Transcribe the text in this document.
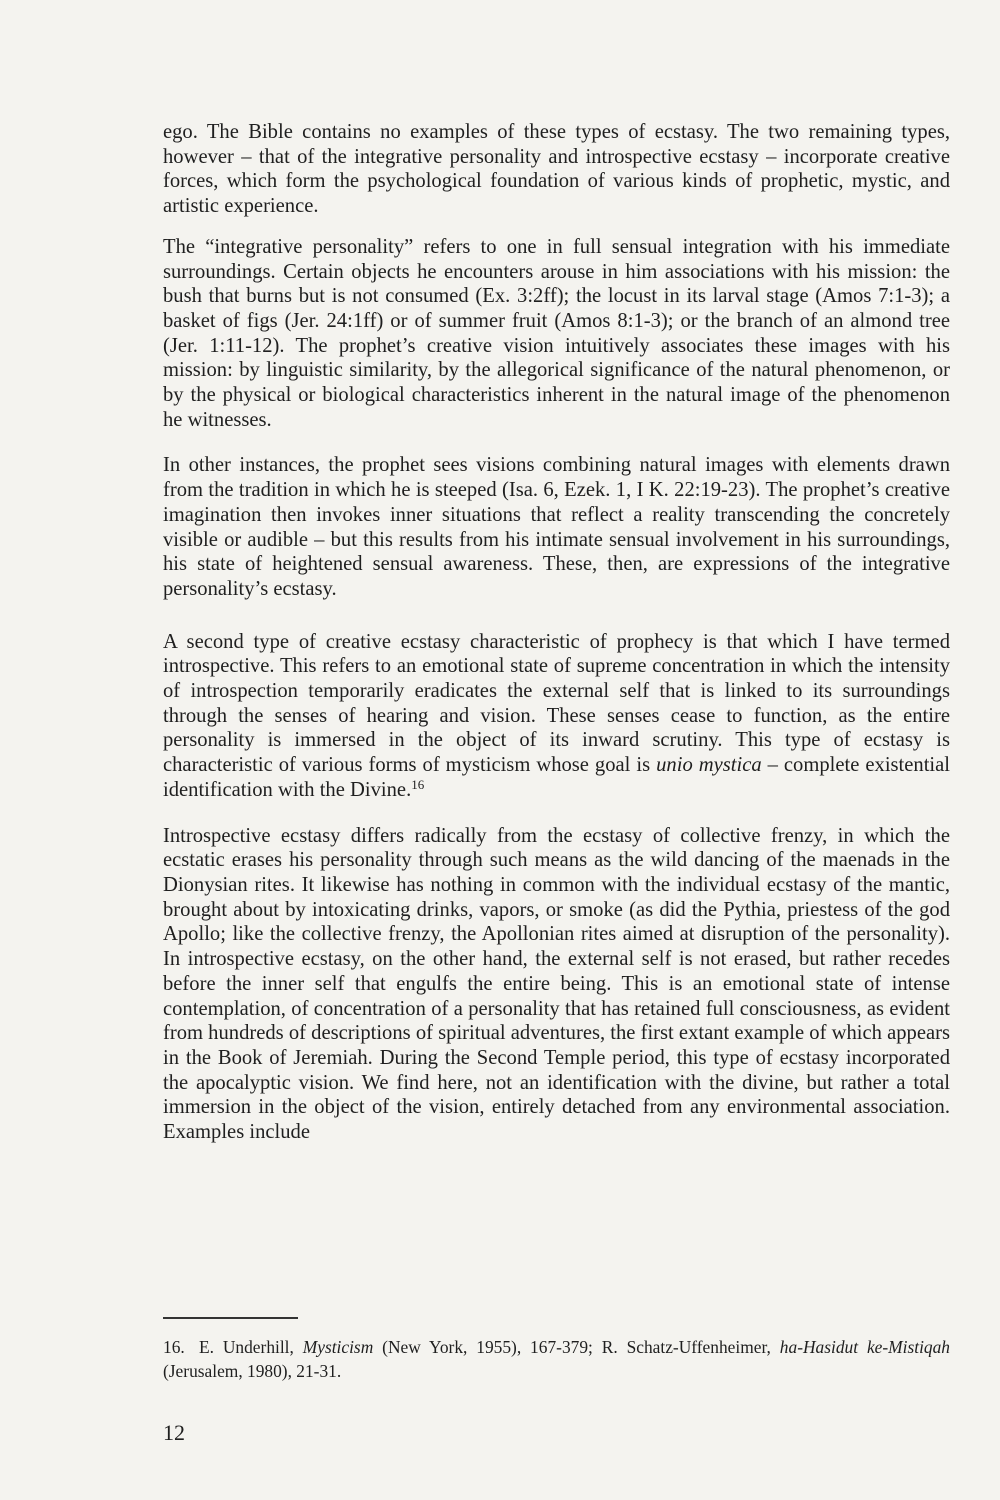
ego. The Bible contains no examples of these types of ecstasy. The two remaining types, however – that of the integrative personality and introspective ecstasy – incorporate creative forces, which form the psychological foundation of various kinds of prophetic, mystic, and artistic experience.

The “integrative personality” refers to one in full sensual integration with his immediate surroundings. Certain objects he encounters arouse in him associations with his mission: the bush that burns but is not consumed (Ex. 3:2ff); the locust in its larval stage (Amos 7:1-3); a basket of figs (Jer. 24:1ff) or of summer fruit (Amos 8:1-3); or the branch of an almond tree (Jer. 1:11-12). The prophet’s creative vision intuitively associates these images with his mission: by linguistic similarity, by the allegorical significance of the natural phenomenon, or by the physical or biological characteristics inherent in the natural image of the phenomenon he witnesses.

In other instances, the prophet sees visions combining natural images with elements drawn from the tradition in which he is steeped (Isa. 6, Ezek. 1, I K. 22:19-23). The prophet’s creative imagination then invokes inner situations that reflect a reality transcending the concretely visible or audible – but this results from his intimate sensual involvement in his surroundings, his state of heightened sensual awareness. These, then, are expressions of the integrative personality’s ecstasy.

A second type of creative ecstasy characteristic of prophecy is that which I have termed introspective. This refers to an emotional state of supreme concentration in which the intensity of introspection temporarily eradicates the external self that is linked to its surroundings through the senses of hearing and vision. These senses cease to function, as the entire personality is immersed in the object of its inward scrutiny. This type of ecstasy is characteristic of various forms of mysticism whose goal is unio mystica – complete existential identification with the Divine.$^{16}$

Introspective ecstasy differs radically from the ecstasy of collective frenzy, in which the ecstatic erases his personality through such means as the wild dancing of the maenads in the Dionysian rites. It likewise has nothing in common with the individual ecstasy of the mantic, brought about by intoxicating drinks, vapors, or smoke (as did the Pythia, priestess of the god Apollo; like the collective frenzy, the Apollonian rites aimed at disruption of the personality). In introspective ecstasy, on the other hand, the external self is not erased, but rather recedes before the inner self that engulfs the entire being. This is an emotional state of intense contemplation, of concentration of a personality that has retained full consciousness, as evident from hundreds of descriptions of spiritual adventures, the first extant example of which appears in the Book of Jeremiah. During the Second Temple period, this type of ecstasy incorporated the apocalyptic vision. We find here, not an identification with the divine, but rather a total immersion in the object of the vision, entirely detached from any environmental association. Examples include

16. E. Underhill, Mysticism (New York, 1955), 167-379; R. Schatz-Uffenheimer, ha-Hasidut ke-Mistiqah (Jerusalem, 1980), 21-31.
12
